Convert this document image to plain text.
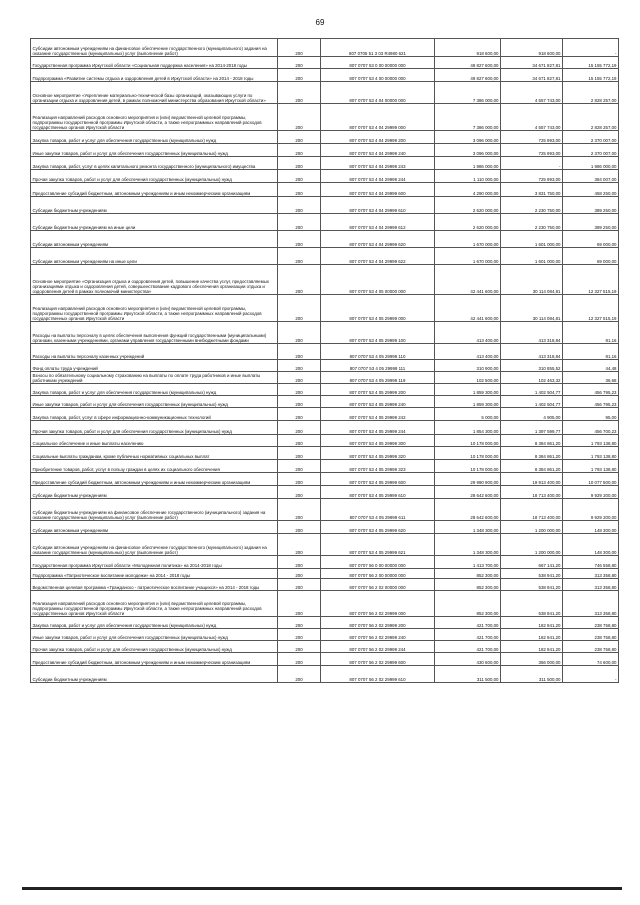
69
Субсидии автономным учреждениям на финансовое обеспечение государственного (муниципального) задания на оказание государственных (муниципальных) услуг (выполнение работ)	200	807 0705 51 3 03 R4980 621	918 600,00	918 600,00	-
Государственная программа Иркутской области «Социальная поддержка населения» на 2014-2018 годы	200	807 0707 53 0 00 00000 000	49 827 600,00	34 671 827,81	15 155 772,19
Подпрограмма «Развитие системы отдыха и оздоровления детей в Иркутской области» на 2014 - 2018 годы	200	807 0707 53 4 00 00000 000	49 827 600,00	34 671 827,81	15 155 772,19
Основное мероприятие «Укрепление материально-технической базы организаций, оказывающих услуги по организации отдыха и оздоровления детей, в рамках полномочий министерства образования Иркутской области»	200	807 0707 53 4 04 00000 000	7 386 000,00	4 557 743,00	2 828 257,00
Реализация направлений расходов основного мероприятия и (или) ведомственной целевой программы, подпрограммы государственной программы Иркутской области, а также непрограммных направлений расходов государственных органов Иркутской области	200	807 0707 53 4 04 29999 000	7 386 000,00	4 557 743,00	2 828 257,00
Закупка товаров, работ и услуг для обеспечения государственных (муниципальных) нужд	200	807 0707 53 4 04 29999 200	3 096 000,00	725 993,00	2 370 007,00
Иные закупки товаров, работ и услуг для обеспечения государственных (муниципальных) нужд	200	807 0707 53 4 04 29999 240	3 096 000,00	725 993,00	2 370 007,00
Закупка товаров, работ, услуг в целях капитального ремонта государственного (муниципального) имущества	200	807 0707 53 4 04 29999 243	1 986 000,00	-	1 986 000,00
Прочая закупка товаров, работ и услуг для обеспечения государственных (муниципальных) нужд	200	807 0707 53 4 04 29999 244	1 110 000,00	725 993,00	384 007,00
Предоставление субсидий бюджетным, автономным учреждениям и иным некоммерческим организациям	200	807 0707 53 4 04 29999 600	4 290 000,00	3 831 750,00	458 250,00
Субсидии бюджетным учреждениям	200	807 0707 53 4 04 29999 610	2 620 000,00	2 230 750,00	389 250,00
Субсидии бюджетным учреждениям на иные цели	200	807 0707 53 4 04 29999 612	2 620 000,00	2 230 750,00	389 250,00
Субсидии автономным учреждениям	200	807 0707 53 4 04 29999 620	1 670 000,00	1 601 000,00	69 000,00
Субсидии автономным учреждениям на иные цели	200	807 0707 53 4 04 29999 622	1 670 000,00	1 601 000,00	69 000,00
Основное мероприятие «Организация отдыха и оздоровления детей, повышение качества услуг, предоставляемых организациями отдыха и оздоровления детей, совершенствование кадрового обеспечения организации отдыха и оздоровления детей в рамках полномочий министерства»	200	807 0707 53 4 05 00000 000	42 441 600,00	30 114 084,81	12 327 515,19
Реализация направлений расходов основного мероприятия и (или) ведомственной целевой программы, подпрограммы государственной программы Иркутской области, а также непрограммных направлений расходов государственных органов Иркутской области	200	807 0707 53 4 05 29999 000	42 441 600,00	30 114 084,81	12 327 515,19
Расходы на выплаты персоналу в целях обеспечения выполнения функций государственными (муниципальными) органами, казенными учреждениями, органами управления государственными внебюджетными фондами	200	807 0707 53 4 05 29999 100	413 400,00	413 318,84	81,16
Расходы на выплаты персоналу казенных учреждений	200	807 0707 53 4 05 29999 110	413 400,00	413 318,84	81,16
Фонд оплаты труда учреждений	200	807 0707 53 4 05 29999 111	310 900,00	310 855,52	44,48
Взносы по обязательному социальному страхованию на выплаты по оплате труда работников и иные выплаты работникам учреждений	200	807 0707 53 4 05 29999 119	102 500,00	102 463,32	36,68
Закупка товаров, работ и услуг для обеспечения государственных (муниципальных) нужд	200	807 0707 53 4 05 29999 200	1 859 300,00	1 402 504,77	456 795,23
Иные закупки товаров, работ и услуг для обеспечения государственных (муниципальных) нужд	200	807 0707 53 4 05 29999 240	1 859 300,00	1 402 504,77	456 795,23
Закупка товаров, работ, услуг в сфере информационно-коммуникационных технологий	200	807 0707 53 4 05 29999 242	5 000,00	4 905,00	95,00
Прочая закупка товаров, работ и услуг для обеспечения государственных (муниципальных) нужд	200	807 0707 53 4 05 29999 244	1 854 300,00	1 397 599,77	456 700,23
Социальное обеспечение и иные выплаты населению	200	807 0707 53 4 05 29999 300	10 178 000,00	8 384 861,20	1 793 138,80
Социальные выплаты гражданам, кроме публичных нормативных социальных выплат	200	807 0707 53 4 05 29999 320	10 178 000,00	8 384 861,20	1 793 138,80
Приобретение товаров, работ, услуг в пользу граждан в целях их социального обеспечения	200	807 0707 53 4 05 29999 323	10 178 000,00	8 384 861,20	1 793 138,80
Предоставление субсидий бюджетным, автономным учреждениям и иным некоммерческим организациям	200	807 0707 53 4 05 29999 600	29 990 900,00	19 913 400,00	10 077 500,00
Субсидии бюджетным учреждениям	200	807 0707 53 4 05 29999 610	28 642 600,00	18 713 400,00	9 929 200,00
Субсидии бюджетным учреждениям на финансовое обеспечение государственного (муниципального) задания на оказание государственных (муниципальных) услуг (выполнение работ)	200	807 0707 53 4 05 29999 611	28 642 600,00	18 713 400,00	9 929 200,00
Субсидии автономным учреждениям	200	807 0707 53 4 05 29999 620	1 348 300,00	1 200 000,00	148 300,00
Субсидии автономным учреждениям на финансовое обеспечение государственного (муниципального) задания на оказание государственных (муниципальных) услуг (выполнение работ)	200	807 0707 53 4 05 29999 621	1 348 300,00	1 200 000,00	148 300,00
Государственная программа Иркутской области «Молодежная политика» на 2014-2018 годы	200	807 0707 56 0 00 00000 000	1 413 700,00	667 141,20	746 558,80
Подпрограмма «Патриотическое воспитание молодежи» на 2014 - 2018 годы	200	807 0707 56 2 00 00000 000	852 300,00	538 941,20	313 358,80
Ведомственная целевая программа «Гражданско - патриотическое воспитание учащихся» на 2014 - 2018 годы	200	807 0707 56 2 02 00000 000	852 300,00	538 941,20	313 358,80
Реализация направлений расходов основного мероприятия и (или) ведомственной целевой программы, подпрограммы государственной программы Иркутской области, а также непрограммных направлений расходов государственных органов Иркутской области	200	807 0707 56 2 02 29999 000	852 300,00	538 941,20	313 358,80
Закупка товаров, работ и услуг для обеспечения государственных (муниципальных) нужд	200	807 0707 56 2 02 29999 200	421 700,00	182 941,20	238 758,80
Иные закупки товаров, работ и услуг для обеспечения государственных (муниципальных) нужд	200	807 0707 56 2 02 29999 240	421 700,00	182 941,20	238 758,80
Прочая закупка товаров, работ и услуг для обеспечения государственных (муниципальных) нужд	200	807 0707 56 2 02 29999 244	421 700,00	182 941,20	238 758,80
Предоставление субсидий бюджетным, автономным учреждениям и иным некоммерческим организациям	200	807 0707 56 2 02 29999 600	430 600,00	356 000,00	74 600,00
Субсидии бюджетным учреждениям	200	807 0707 56 2 02 29999 610	311 500,00	311 500,00	-
